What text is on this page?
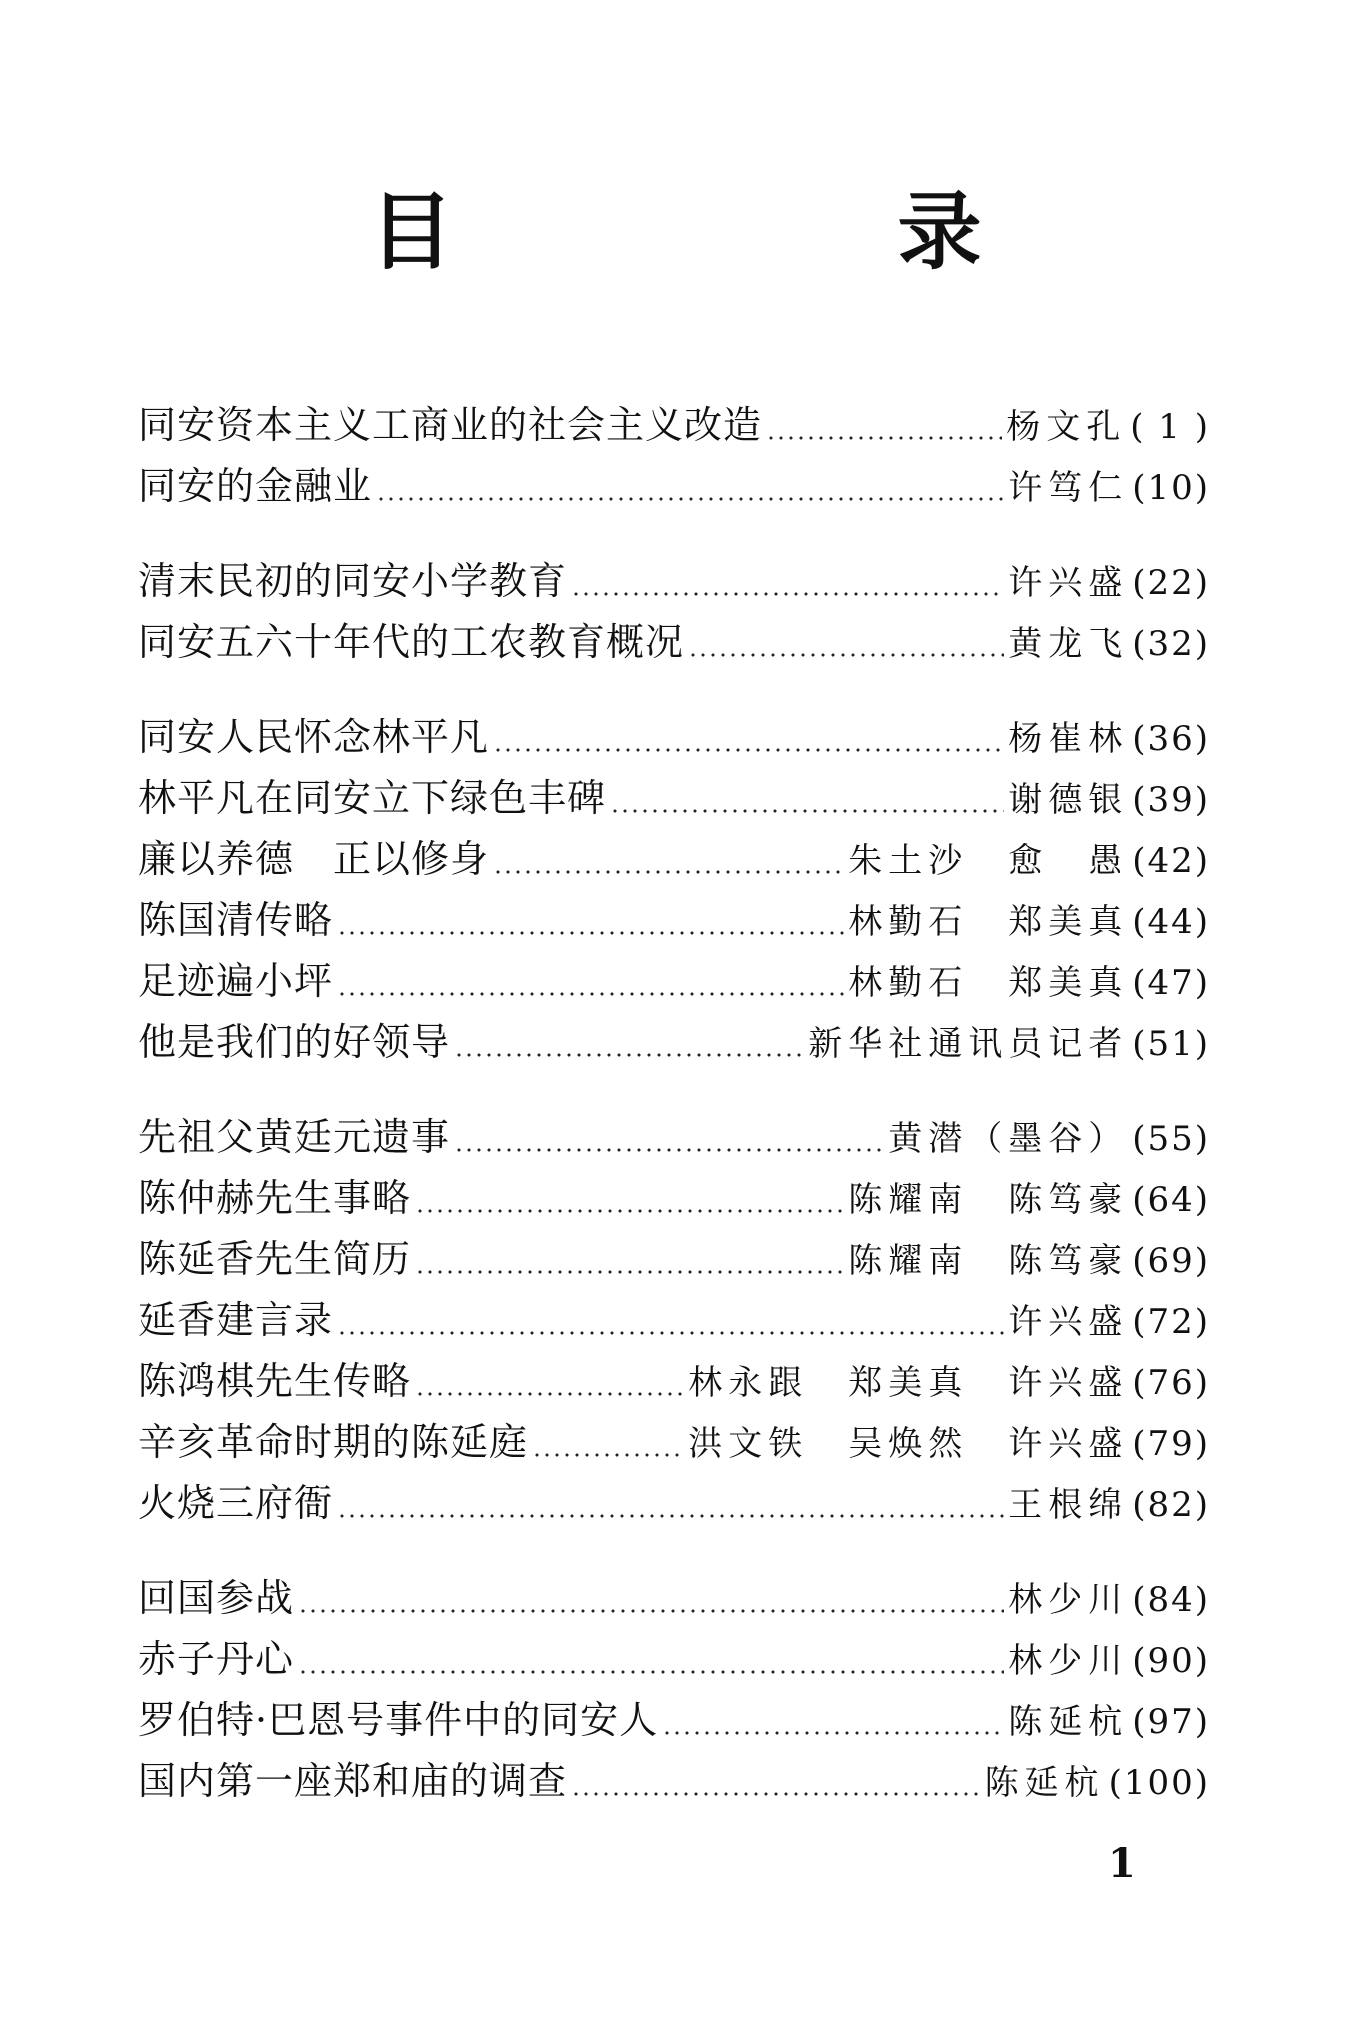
目　录
同安资本主义工商业的社会主义改造	杨文孔 ( 1 )
同安的金融业	许笃仁 (10)
清末民初的同安小学教育	许兴盛 (22)
同安五六十年代的工农教育概况	黄龙飞 (32)
同安人民怀念林平凡	杨崔林 (36)
林平凡在同安立下绿色丰碑	谢德银 (39)
廉以养德　正以修身	朱土沙　愈　愚 (42)
陈国清传略	林勤石　郑美真 (44)
足迹遍小坪	林勤石　郑美真 (47)
他是我们的好领导	新华社通讯员记者 (51)
先祖父黄廷元遗事	黄潜（墨谷） (55)
陈仲赫先生事略	陈耀南　陈笃豪 (64)
陈延香先生简历	陈耀南　陈笃豪 (69)
延香建言录	许兴盛 (72)
陈鸿棋先生传略	林永跟　郑美真　许兴盛 (76)
辛亥革命时期的陈延庭	洪文铁　吴焕然　许兴盛 (79)
火烧三府衙	王根绵 (82)
回国参战	林少川 (84)
赤子丹心	林少川 (90)
罗伯特·巴恩号事件中的同安人	陈延杭 (97)
国内第一座郑和庙的调查	陈延杭 (100)
1
